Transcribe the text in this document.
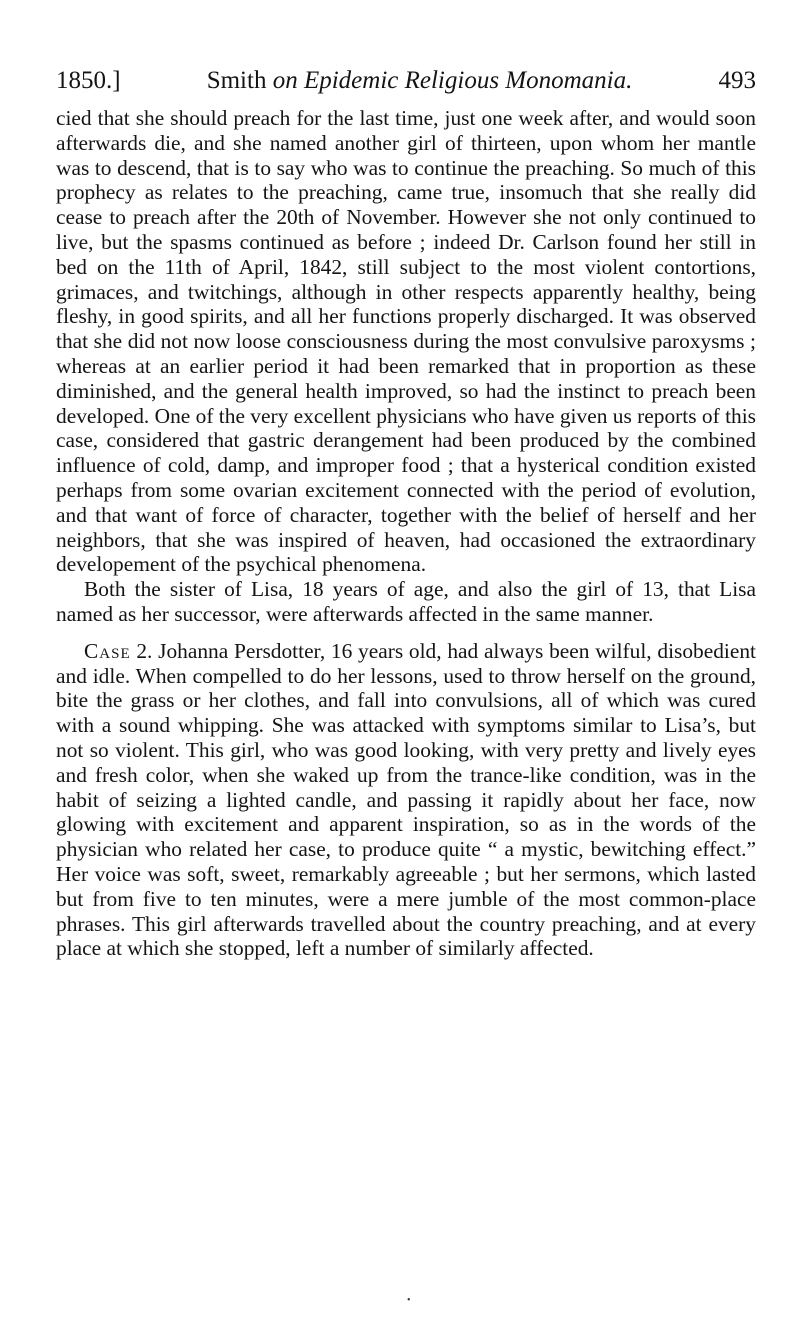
1850.]	Smith on Epidemic Religious Monomania.	493

cied that she should preach for the last time, just one week after, and would soon afterwards die, and she named another girl of thirteen, upon whom her mantle was to descend, that is to say who was to continue the preaching. So much of this prophecy as relates to the preaching, came true, insomuch that she really did cease to preach after the 20th of November. However she not only continued to live, but the spasms continued as before ; indeed Dr. Carlson found her still in bed on the 11th of April, 1842, still subject to the most violent contortions, grimaces, and twitchings, although in other respects apparently healthy, being fleshy, in good spirits, and all her functions properly discharged. It was observed that she did not now loose consciousness during the most convulsive paroxysms ; whereas at an earlier period it had been remarked that in proportion as these diminished, and the general health improved, so had the instinct to preach been developed. One of the very excellent physicians who have given us reports of this case, considered that gastric derangement had been produced by the combined influence of cold, damp, and improper food ; that a hysterical condition existed perhaps from some ovarian excitement connected with the period of evolution, and that want of force of character, together with the belief of herself and her neighbors, that she was inspired of heaven, had occasioned the extraordinary developement of the psychical phenomena.

Both the sister of Lisa, 18 years of age, and also the girl of 13, that Lisa named as her successor, were afterwards affected in the same manner.

Case 2. Johanna Persdotter, 16 years old, had always been wilful, disobedient and idle. When compelled to do her lessons, used to throw herself on the ground, bite the grass or her clothes, and fall into convulsions, all of which was cured with a sound whipping. She was attacked with symptoms similar to Lisa’s, but not so violent. This girl, who was good looking, with very pretty and lively eyes and fresh color, when she waked up from the trance-like condition, was in the habit of seizing a lighted candle, and passing it rapidly about her face, now glowing with excitement and apparent inspiration, so as in the words of the physician who related her case, to produce quite “ a mystic, bewitching effect.” Her voice was soft, sweet, remarkably agreeable ; but her sermons, which lasted but from five to ten minutes, were a mere jumble of the most common-place phrases. This girl afterwards travelled about the country preaching, and at every place at which she stopped, left a number of similarly affected.

•
